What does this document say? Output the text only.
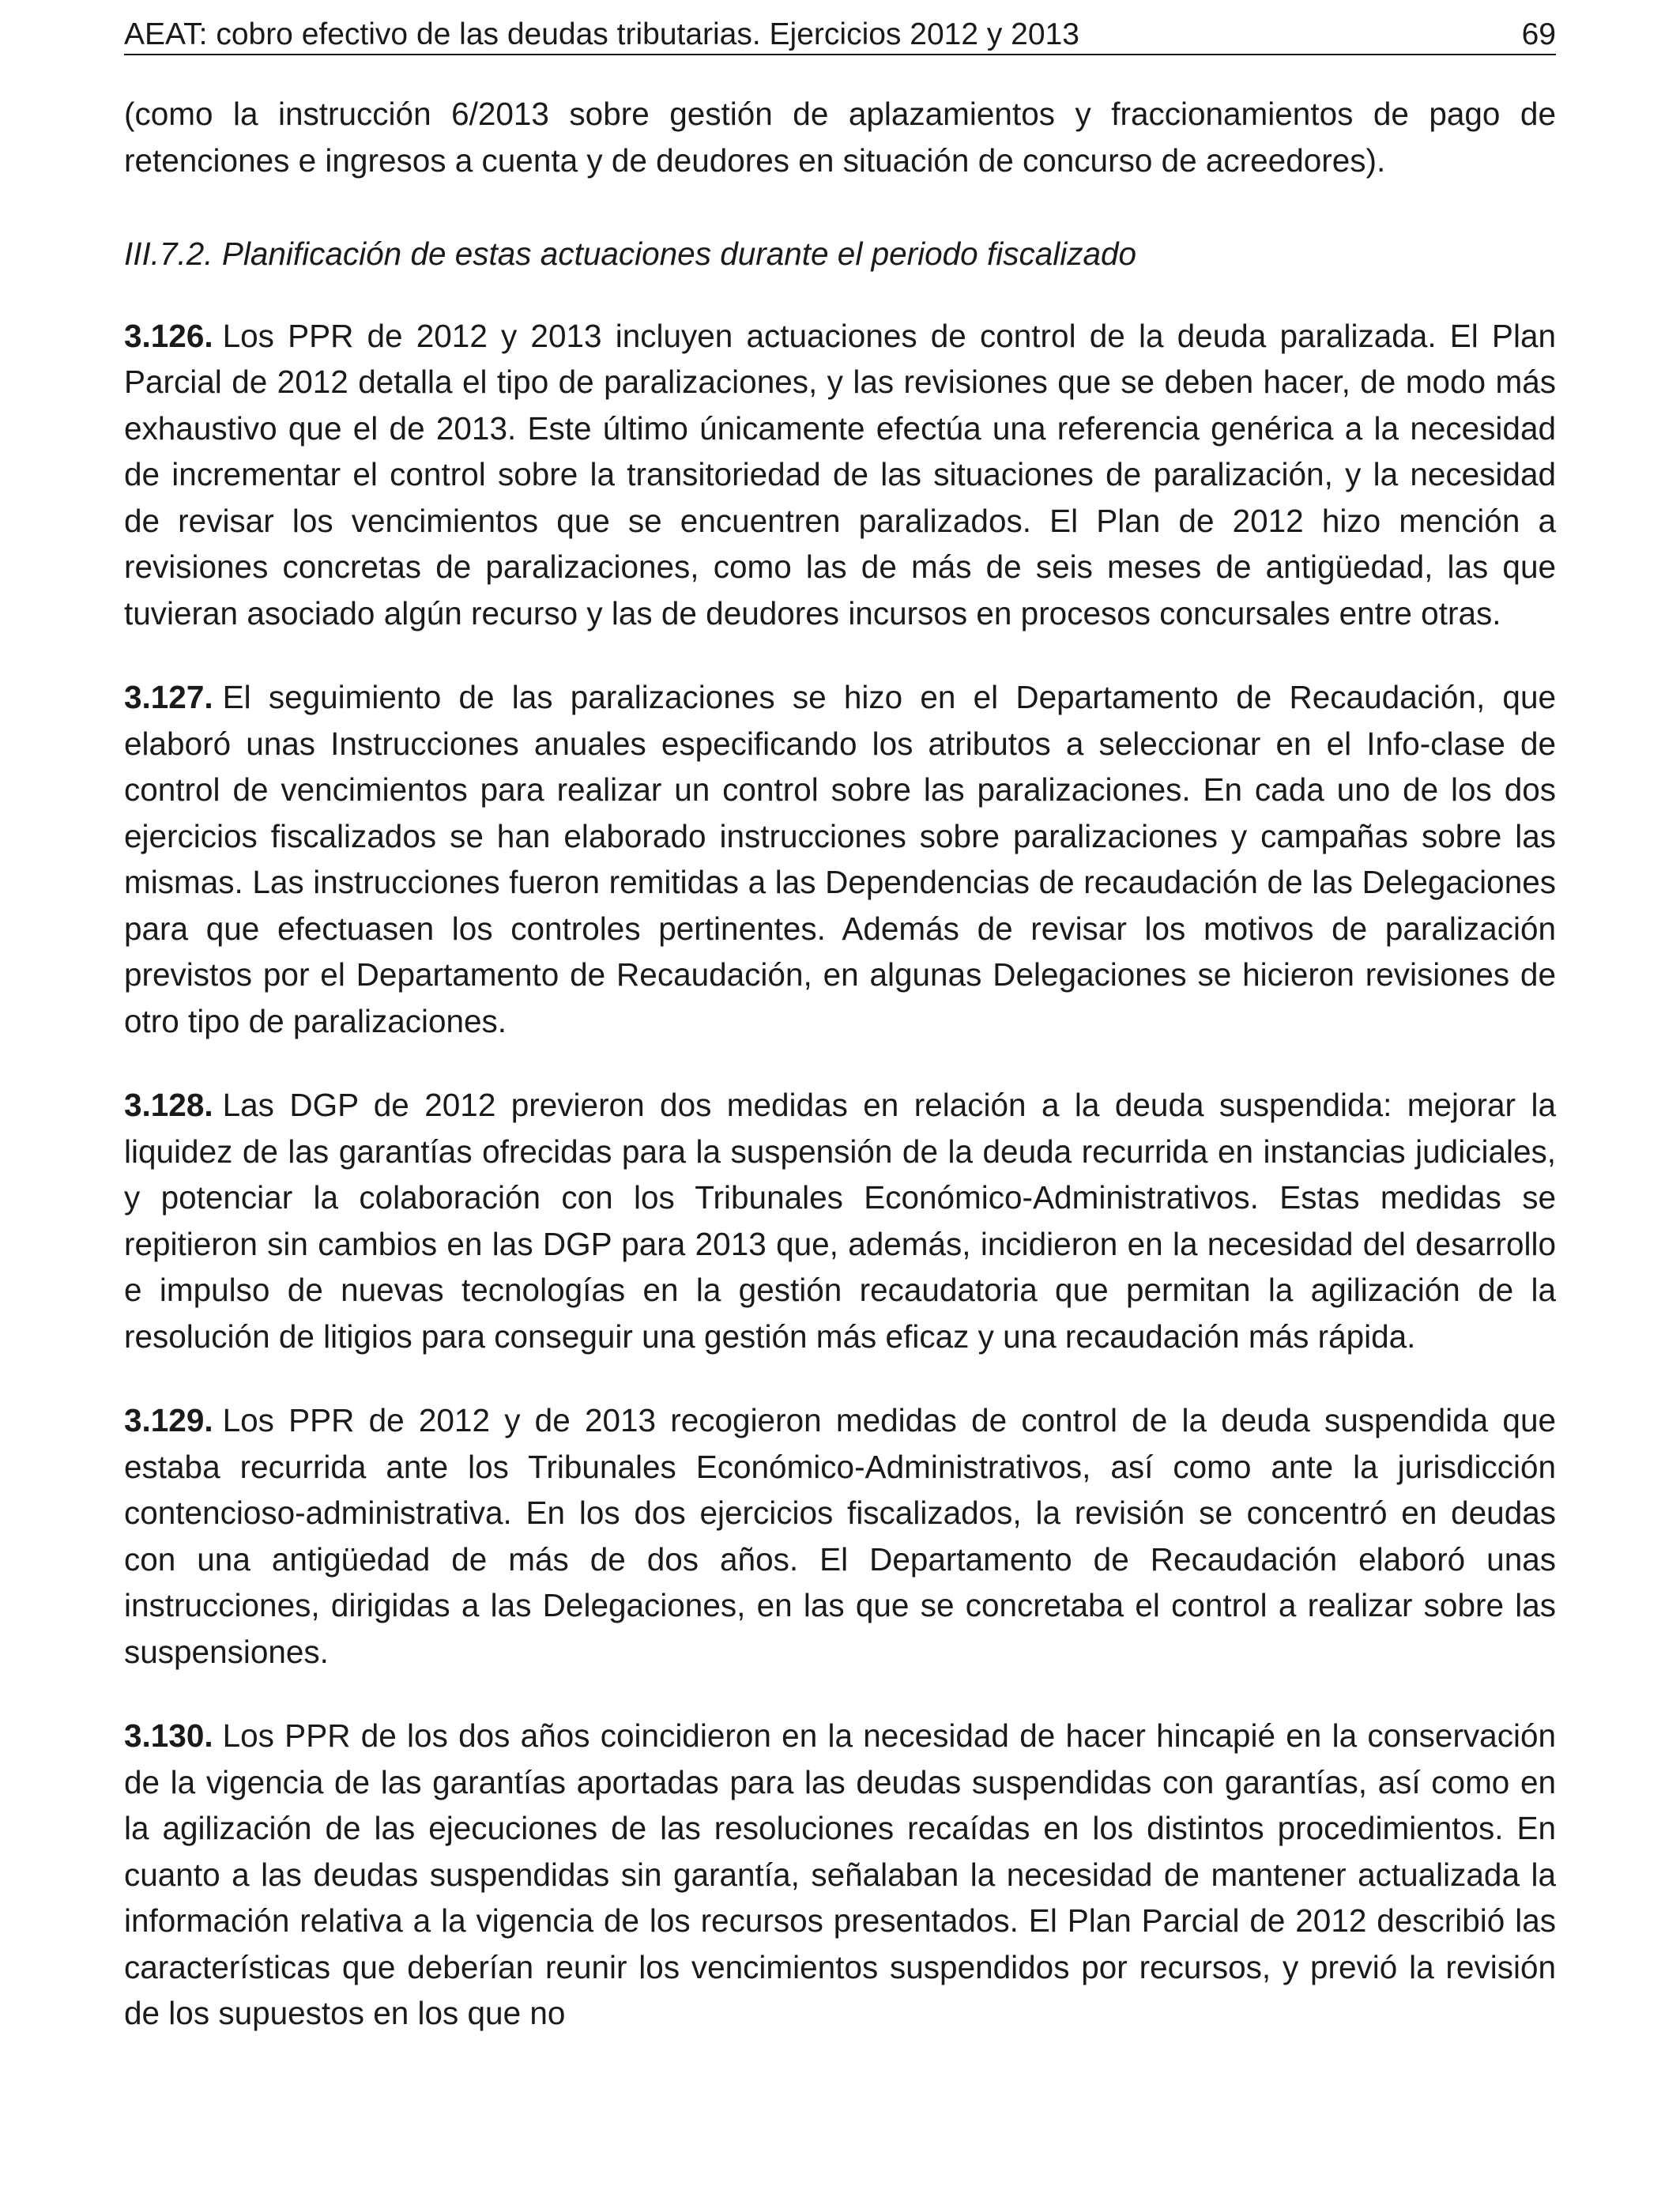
AEAT: cobro efectivo de las deudas tributarias. Ejercicios 2012 y 2013	69

(como la instrucción 6/2013 sobre gestión de aplazamientos y fraccionamientos de pago de retenciones e ingresos a cuenta y de deudores en situación de concurso de acreedores).

III.7.2. Planificación de estas actuaciones durante el periodo fiscalizado

3.126. Los PPR de 2012 y 2013 incluyen actuaciones de control de la deuda paralizada. El Plan Parcial de 2012 detalla el tipo de paralizaciones, y las revisiones que se deben hacer, de modo más exhaustivo que el de 2013. Este último únicamente efectúa una referencia genérica a la necesidad de incrementar el control sobre la transitoriedad de las situaciones de paralización, y la necesidad de revisar los vencimientos que se encuentren paralizados. El Plan de 2012 hizo mención a revisiones concretas de paralizaciones, como las de más de seis meses de antigüedad, las que tuvieran asociado algún recurso y las de deudores incursos en procesos concursales entre otras.

3.127. El seguimiento de las paralizaciones se hizo en el Departamento de Recaudación, que elaboró unas Instrucciones anuales especificando los atributos a seleccionar en el Info-clase de control de vencimientos para realizar un control sobre las paralizaciones. En cada uno de los dos ejercicios fiscalizados se han elaborado instrucciones sobre paralizaciones y campañas sobre las mismas. Las instrucciones fueron remitidas a las Dependencias de recaudación de las Delegaciones para que efectuasen los controles pertinentes. Además de revisar los motivos de paralización previstos por el Departamento de Recaudación, en algunas Delegaciones se hicieron revisiones de otro tipo de paralizaciones.

3.128. Las DGP de 2012 previeron dos medidas en relación a la deuda suspendida: mejorar la liquidez de las garantías ofrecidas para la suspensión de la deuda recurrida en instancias judiciales, y potenciar la colaboración con los Tribunales Económico-Administrativos. Estas medidas se repitieron sin cambios en las DGP para 2013 que, además, incidieron en la necesidad del desarrollo e impulso de nuevas tecnologías en la gestión recaudatoria que permitan la agilización de la resolución de litigios para conseguir una gestión más eficaz y una recaudación más rápida.

3.129. Los PPR de 2012 y de 2013 recogieron medidas de control de la deuda suspendida que estaba recurrida ante los Tribunales Económico-Administrativos, así como ante la jurisdicción contencioso-administrativa. En los dos ejercicios fiscalizados, la revisión se concentró en deudas con una antigüedad de más de dos años. El Departamento de Recaudación elaboró unas instrucciones, dirigidas a las Delegaciones, en las que se concretaba el control a realizar sobre las suspensiones.

3.130. Los PPR de los dos años coincidieron en la necesidad de hacer hincapié en la conservación de la vigencia de las garantías aportadas para las deudas suspendidas con garantías, así como en la agilización de las ejecuciones de las resoluciones recaídas en los distintos procedimientos. En cuanto a las deudas suspendidas sin garantía, señalaban la necesidad de mantener actualizada la información relativa a la vigencia de los recursos presentados. El Plan Parcial de 2012 describió las características que deberían reunir los vencimientos suspendidos por recursos, y previó la revisión de los supuestos en los que no
